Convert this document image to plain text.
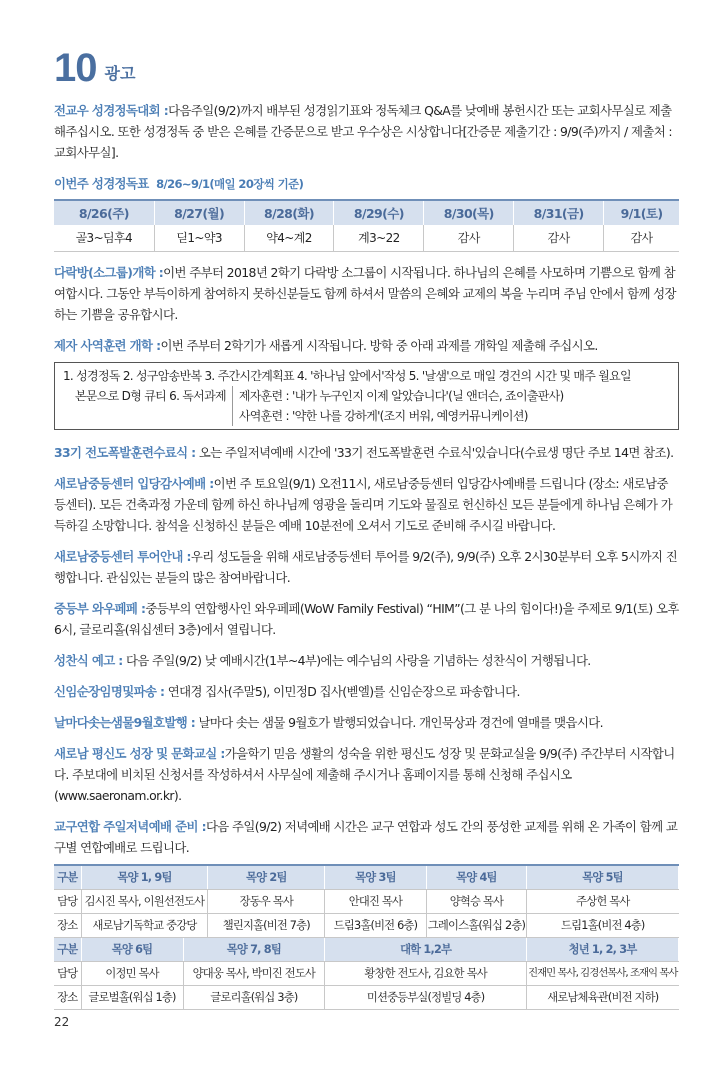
10 광고

전교우 성경정독대회 :다음주일(9/2)까지 배부된 성경읽기표와 정독체크 Q&A를 낮예배 봉헌시간 또는 교회사무실로 제출해주십시오. 또한 성경정독 중 받은 은혜를 간증문으로 받고 우수상은 시상합니다[간증문 제출기간 : 9/9(주)까지 / 제출처 : 교회사무실].

이번주 성경정독표 8/26~9/1(매일 20장씩 기준)
8/26(주)	8/27(월)	8/28(화)	8/29(수)	8/30(목)	8/31(금)	9/1(토)
골3~딤후4	딛1~약3	약4~계2	계3~22	감사	감사	감사

다락방(소그룹)개학 :이번 주부터 2018년 2학기 다락방 소그룹이 시작됩니다. 하나님의 은혜를 사모하며 기쁨으로 함께 참여합시다. 그동안 부득이하게 참여하지 못하신분들도 함께 하셔서 말씀의 은혜와 교제의 복을 누리며 주님 안에서 함께 성장하는 기쁨을 공유합시다.

제자 사역훈련 개학 :이번 주부터 2학기가 새롭게 시작됩니다. 방학 중 아래 과제를 개학일 제출해 주십시오.

1. 성경정독 2. 성구암송반복 3. 주간시간계획표 4. '하나님 앞에서'작성 5. '날샘'으로 매일 경건의 시간 및 매주 월요일
본문으로 D형 큐티 6. 독서과제 제자훈련 : '내가 누구인지 이제 알았습니다'(닐 앤더슨, 죠이출판사)
사역훈련 : '약한 나를 강하게'(조지 버워, 예영커뮤니케이션)

33기 전도폭발훈련수료식 : 오는 주일저녁예배 시간에 '33기 전도폭발훈련 수료식'있습니다(수료생 명단 주보 14면 참조).

새로남중등센터 입당감사예배 :이번 주 토요일(9/1) 오전11시, 새로남중등센터 입당감사예배를 드립니다 (장소: 새로남중등센터). 모든 건축과정 가운데 함께 하신 하나님께 영광을 돌리며 기도와 물질로 헌신하신 모든 분들에게 하나님 은혜가 가득하길 소망합니다. 참석을 신청하신 분들은 예배 10분전에 오셔서 기도로 준비해 주시길 바랍니다.

새로남중등센터 투어안내 :우리 성도들을 위해 새로남중등센터 투어를 9/2(주), 9/9(주) 오후 2시30분부터 오후 5시까지 진행합니다. 관심있는 분들의 많은 참여바랍니다.

중등부 와우페페 :중등부의 연합행사인 와우페페(WoW Family Festival) “HIM”(그 분 나의 힘이다!)을 주제로 9/1(토) 오후 6시, 글로리홀(워십센터 3층)에서 열립니다.

성찬식 예고 : 다음 주일(9/2) 낮 예배시간(1부~4부)에는 예수님의 사랑을 기념하는 성찬식이 거행됩니다.

신임순장임명및파송 : 연대경 집사(주말5), 이민정D 집사(벧엘)를 신임순장으로 파송합니다.

날마다솟는샘물9월호발행 : 날마다 솟는 샘물 9월호가 발행되었습니다. 개인묵상과 경건에 열매를 맺읍시다.

새로남 평신도 성장 및 문화교실 :가을학기 믿음 생활의 성숙을 위한 평신도 성장 및 문화교실을 9/9(주) 주간부터 시작합니다. 주보대에 비치된 신청서를 작성하셔서 사무실에 제출해 주시거나 홈페이지를 통해 신청해 주십시오 (www.saeronam.or.kr).

교구연합 주일저녁예배 준비 :다음 주일(9/2) 저녁예배 시간은 교구 연합과 성도 간의 풍성한 교제를 위해 온 가족이 함께 교구별 연합예배로 드립니다.

구분	목양 1, 9팀		목양 2팀	목양 3팀	목양 4팀	목양 5팀
담당	김시진 목사, 이원선전도사		장동우 목사	안대진 목사	양혁승 목사	주상헌 목사
장소	새로남기독학교 중강당		챌린지홀(비전 7층)	드림3홀(비전 6층)	그레이스홀(워십 2층)	드림1홀(비전 4층)
구분	목양 6팀	목양 7, 8팀		대학 1,2부		청년 1, 2, 3부
담당	이정민 목사	양대웅 목사, 박미진 전도사		황창한 전도사, 김요한 목사		진재민 목사, 김경선목사, 조재익 목사
장소	글로벌홀(워십 1층)	글로리홀(워십 3층)		미션중등부실(정빌딩 4층)		새로남체육관(비전 지하)
22
